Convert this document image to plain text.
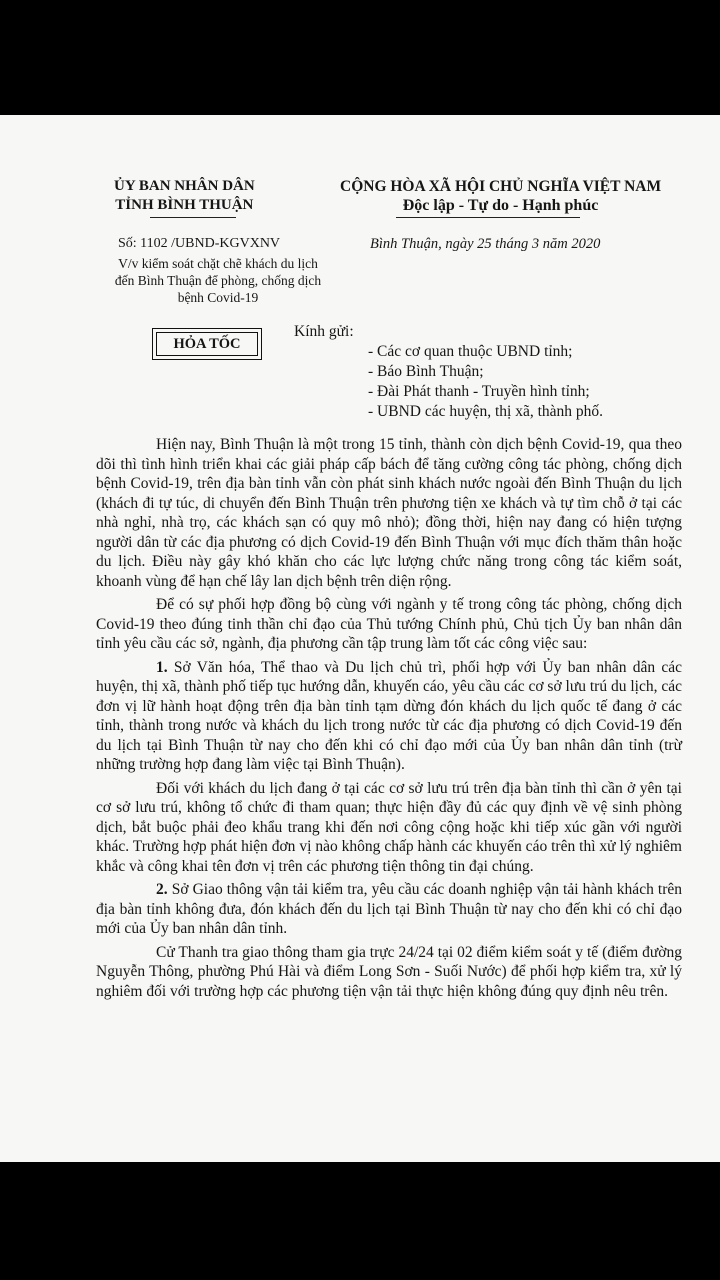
ỦY BAN NHÂN DÂN
TỈNH BÌNH THUẬN
CỘNG HÒA XÃ HỘI CHỦ NGHĨA VIỆT NAM
Độc lập - Tự do - Hạnh phúc
Số: 1102 /UBND-KGVXNV
V/v kiểm soát chặt chẽ khách du lịch đến Bình Thuận để phòng, chống dịch bệnh Covid-19
Bình Thuận, ngày 25 tháng 3 năm 2020
HỎA TỐC
Kính gửi:
- Các cơ quan thuộc UBND tỉnh;
- Báo Bình Thuận;
- Đài Phát thanh - Truyền hình tỉnh;
- UBND các huyện, thị xã, thành phố.

Hiện nay, Bình Thuận là một trong 15 tỉnh, thành còn dịch bệnh Covid-19, qua theo dõi thì tình hình triển khai các giải pháp cấp bách để tăng cường công tác phòng, chống dịch bệnh Covid-19, trên địa bàn tỉnh vẫn còn phát sinh khách nước ngoài đến Bình Thuận du lịch (khách đi tự túc, di chuyển đến Bình Thuận trên phương tiện xe khách và tự tìm chỗ ở tại các nhà nghỉ, nhà trọ, các khách sạn có quy mô nhỏ); đồng thời, hiện nay đang có hiện tượng người dân từ các địa phương có dịch Covid-19 đến Bình Thuận với mục đích thăm thân hoặc du lịch. Điều này gây khó khăn cho các lực lượng chức năng trong công tác kiểm soát, khoanh vùng để hạn chế lây lan dịch bệnh trên diện rộng.

Để có sự phối hợp đồng bộ cùng với ngành y tế trong công tác phòng, chống dịch Covid-19 theo đúng tinh thần chỉ đạo của Thủ tướng Chính phủ, Chủ tịch Ủy ban nhân dân tỉnh yêu cầu các sở, ngành, địa phương cần tập trung làm tốt các công việc sau:

1. Sở Văn hóa, Thể thao và Du lịch chủ trì, phối hợp với Ủy ban nhân dân các huyện, thị xã, thành phố tiếp tục hướng dẫn, khuyến cáo, yêu cầu các cơ sở lưu trú du lịch, các đơn vị lữ hành hoạt động trên địa bàn tỉnh tạm dừng đón khách du lịch quốc tế đang ở các tỉnh, thành trong nước và khách du lịch trong nước từ các địa phương có dịch Covid-19 đến du lịch tại Bình Thuận từ nay cho đến khi có chỉ đạo mới của Ủy ban nhân dân tỉnh (trừ những trường hợp đang làm việc tại Bình Thuận).

Đối với khách du lịch đang ở tại các cơ sở lưu trú trên địa bàn tỉnh thì cần ở yên tại cơ sở lưu trú, không tổ chức đi tham quan; thực hiện đầy đủ các quy định về vệ sinh phòng dịch, bắt buộc phải đeo khẩu trang khi đến nơi công cộng hoặc khi tiếp xúc gần với người khác. Trường hợp phát hiện đơn vị nào không chấp hành các khuyến cáo trên thì xử lý nghiêm khắc và công khai tên đơn vị trên các phương tiện thông tin đại chúng.

2. Sở Giao thông vận tải kiểm tra, yêu cầu các doanh nghiệp vận tải hành khách trên địa bàn tỉnh không đưa, đón khách đến du lịch tại Bình Thuận từ nay cho đến khi có chỉ đạo mới của Ủy ban nhân dân tỉnh.

Cử Thanh tra giao thông tham gia trực 24/24 tại 02 điểm kiểm soát y tế (điểm đường Nguyễn Thông, phường Phú Hài và điểm Long Sơn - Suối Nước) để phối hợp kiểm tra, xử lý nghiêm đối với trường hợp các phương tiện vận tải thực hiện không đúng quy định nêu trên.
